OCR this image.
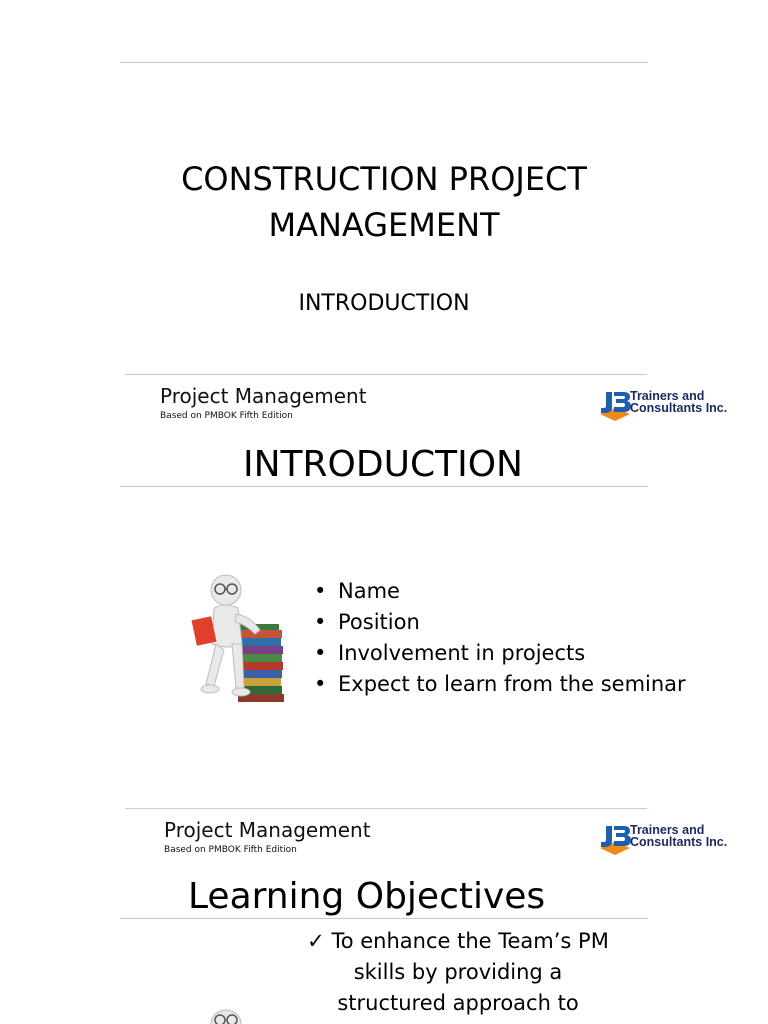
CONSTRUCTION PROJECT
MANAGEMENT
INTRODUCTION
Project Management
Based on PMBOK Fifth Edition
Trainers and
Consultants Inc.
INTRODUCTION
• Name
• Position
• Involvement in projects
• Expect to learn from the seminar
Project Management
Based on PMBOK Fifth Edition
Trainers and
Consultants Inc.
Learning Objectives
✓ To enhance the Team’s PM
skills by providing a
structured approach to
